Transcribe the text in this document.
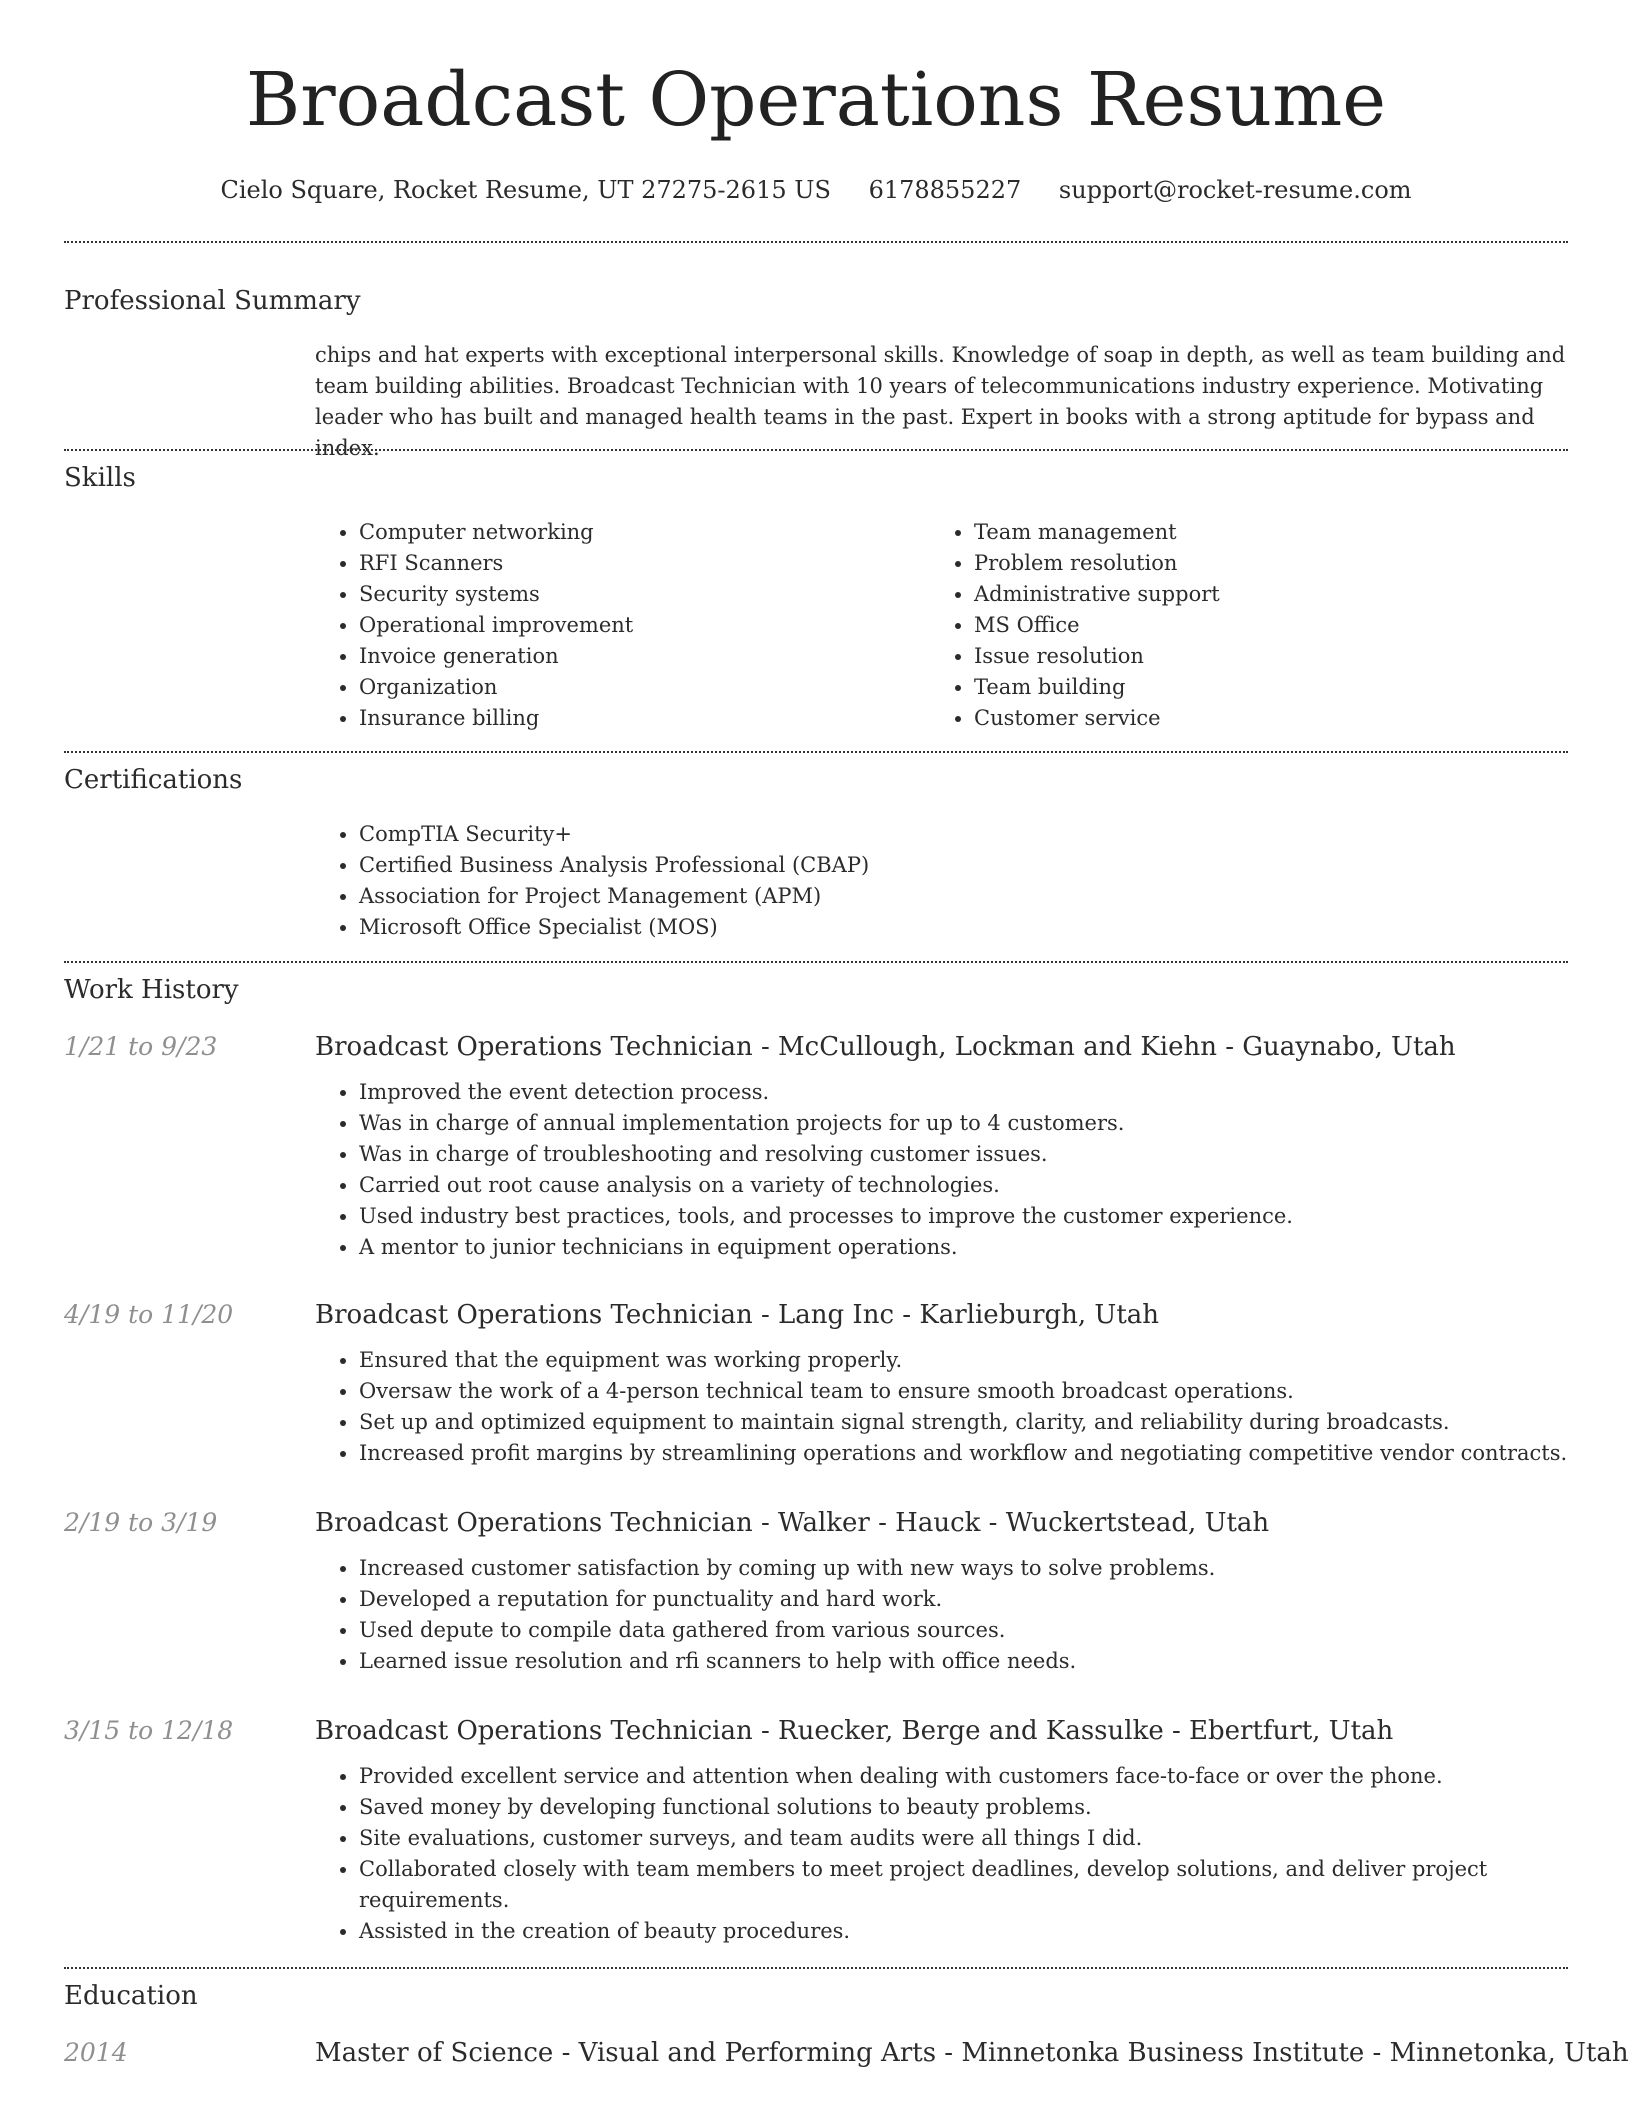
Broadcast Operations Resume
Cielo Square, Rocket Resume, UT 27275-2615 US 6178855227 support@rocket-resume.com
Professional Summary

chips and hat experts with exceptional interpersonal skills. Knowledge of soap in depth, as well as team building and team building abilities. Broadcast Technician with 10 years of telecommunications industry experience. Motivating leader who has built and managed health teams in the past. Expert in books with a strong aptitude for bypass and index.

Skills
• Computer networking
• RFI Scanners
• Security systems
• Operational improvement
• Invoice generation
• Organization
• Insurance billing
• Team management
• Problem resolution
• Administrative support
• MS Office
• Issue resolution
• Team building
• Customer service
Certifications
• CompTIA Security+
• Certified Business Analysis Professional (CBAP)
• Association for Project Management (APM)
• Microsoft Office Specialist (MOS)
Work History
1/21 to 9/23	Broadcast Operations Technician - McCullough, Lockman and Kiehn - Guaynabo, Utah
• Improved the event detection process.
• Was in charge of annual implementation projects for up to 4 customers.
• Was in charge of troubleshooting and resolving customer issues.
• Carried out root cause analysis on a variety of technologies.
• Used industry best practices, tools, and processes to improve the customer experience.
• A mentor to junior technicians in equipment operations.
4/19 to 11/20	Broadcast Operations Technician - Lang Inc - Karlieburgh, Utah
• Ensured that the equipment was working properly.
• Oversaw the work of a 4-person technical team to ensure smooth broadcast operations.
• Set up and optimized equipment to maintain signal strength, clarity, and reliability during broadcasts.
• Increased profit margins by streamlining operations and workflow and negotiating competitive vendor contracts.
2/19 to 3/19	Broadcast Operations Technician - Walker - Hauck - Wuckertstead, Utah
• Increased customer satisfaction by coming up with new ways to solve problems.
• Developed a reputation for punctuality and hard work.
• Used depute to compile data gathered from various sources.
• Learned issue resolution and rfi scanners to help with office needs.
3/15 to 12/18	Broadcast Operations Technician - Ruecker, Berge and Kassulke - Ebertfurt, Utah
• Provided excellent service and attention when dealing with customers face-to-face or over the phone.
• Saved money by developing functional solutions to beauty problems.
• Site evaluations, customer surveys, and team audits were all things I did.
• Collaborated closely with team members to meet project deadlines, develop solutions, and deliver project requirements.
• Assisted in the creation of beauty procedures.
Education
2014	Master of Science - Visual and Performing Arts - Minnetonka Business Institute - Minnetonka, Utah
